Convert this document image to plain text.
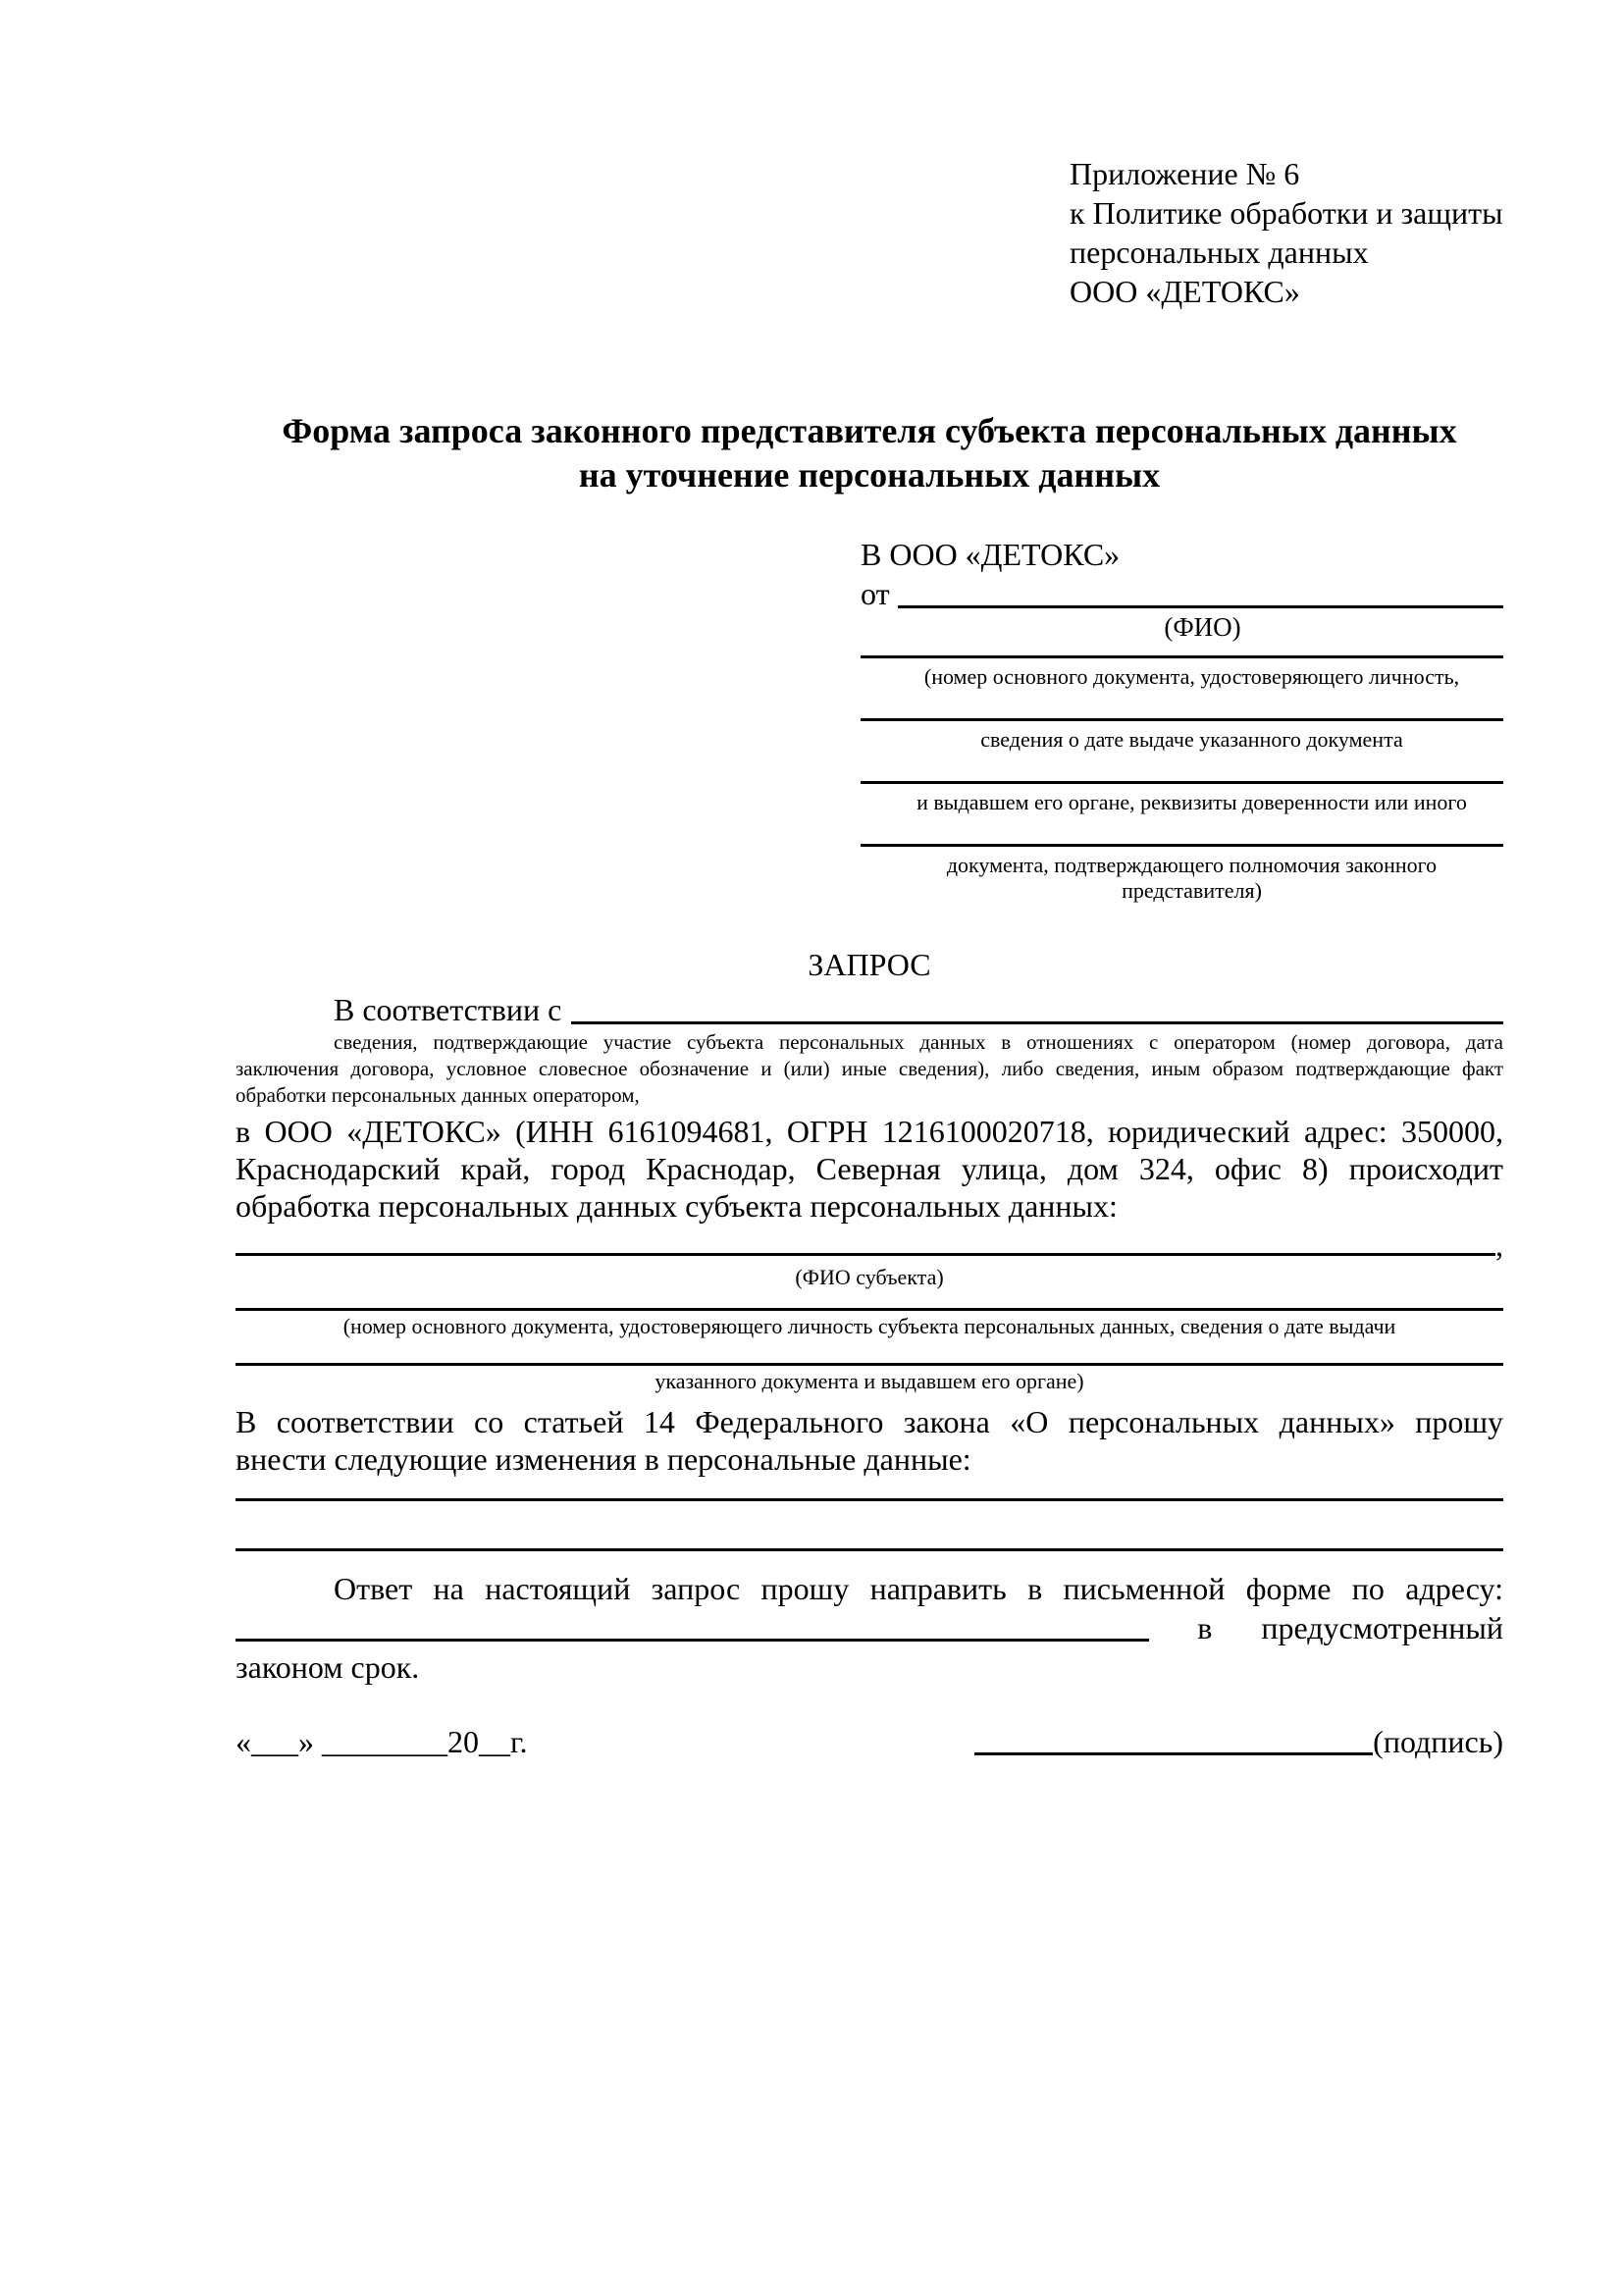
Приложение № 6
к Политике обработки и защиты
персональных данных
ООО «ДЕТОКС»
Форма запроса законного представителя субъекта персональных данных
на уточнение персональных данных
В ООО «ДЕТОКС»
от
(ФИО)
(номер основного документа, удостоверяющего личность,
сведения о дате выдаче указанного документа
и выдавшем его органе, реквизиты доверенности или иного
документа, подтверждающего полномочия законного представителя)
ЗАПРОС
В соответствии с
сведения, подтверждающие участие субъекта персональных данных в отношениях с оператором (номер договора, дата
заключения договора, условное словесное обозначение и (или) иные сведения), либо сведения, иным образом подтверждающие факт
обработки персональных данных оператором,
в ООО «ДЕТОКС» (ИНН 6161094681, ОГРН 1216100020718, юридический адрес: 350000,
Краснодарский край, город Краснодар, Северная улица, дом 324, офис 8) происходит
обработка персональных данных субъекта персональных данных:
,
(ФИО субъекта)
(номер основного документа, удостоверяющего личность субъекта персональных данных, сведения о дате выдачи
указанного документа и выдавшем его органе)
В соответствии со статьей 14 Федерального закона «О персональных данных» прошу
внести следующие изменения в персональные данные:
Ответ на настоящий запрос прошу направить в письменной форме по адресу:
в предусмотренный
законом срок.
«___» ________20__г.	(подпись)
